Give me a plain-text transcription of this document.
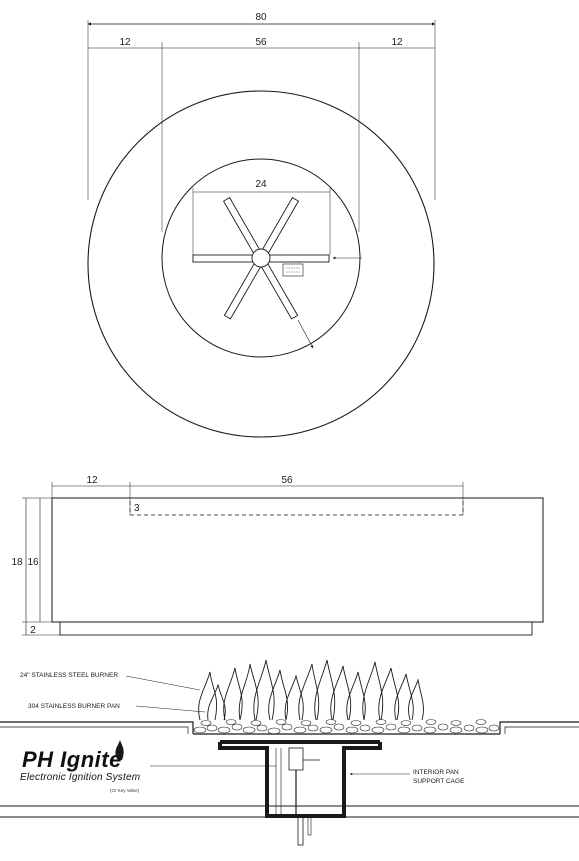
80
12	56	12
24
12	56
3
18 16
2
24" STAINLESS STEEL BURNER
304 STAINLESS BURNER PAN
INTERIOR PAN
SUPPORT CAGE
PH Ignite
Electronic Ignition System
(Or Key Valve)
